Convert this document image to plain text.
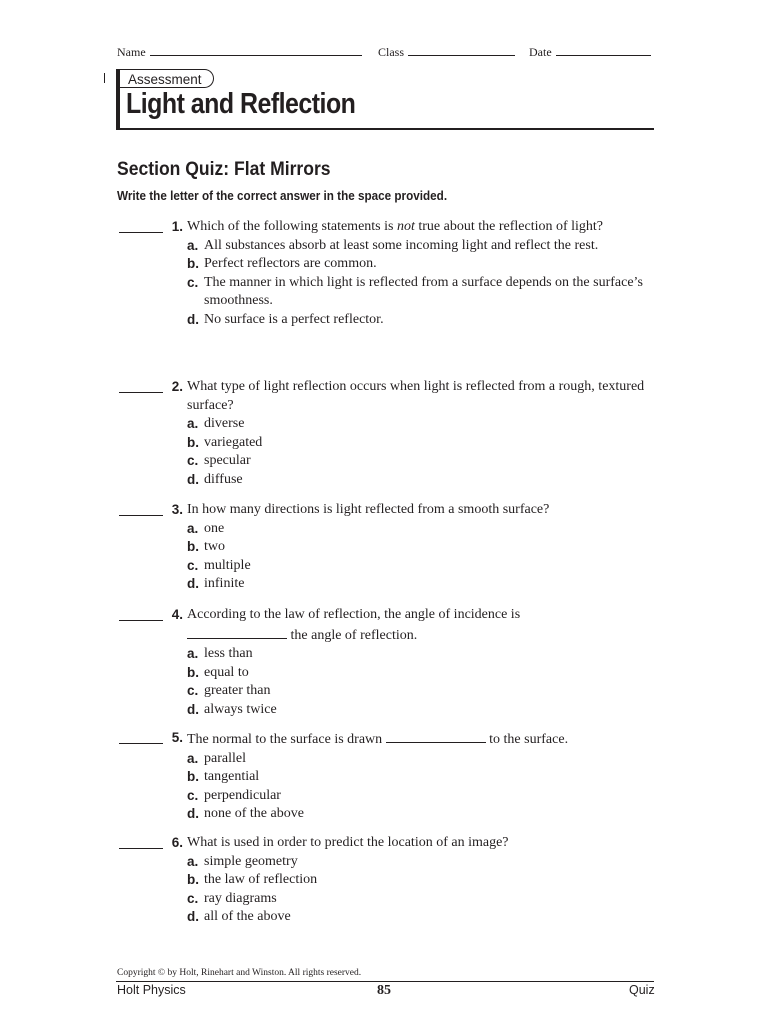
Name	Class	Date
Assessment
Light and Reflection
Section Quiz: Flat Mirrors
Write the letter of the correct answer in the space provided.
1. Which of the following statements is not true about the reflection of light?
a. All substances absorb at least some incoming light and reflect the rest.
b. Perfect reflectors are common.
c. The manner in which light is reflected from a surface depends on the surface’s smoothness.
d. No surface is a perfect reflector.
2. What type of light reflection occurs when light is reflected from a rough, textured surface?
a. diverse
b. variegated
c. specular
d. diffuse
3. In how many directions is light reflected from a smooth surface?
a. one
b. two
c. multiple
d. infinite
4. According to the law of reflection, the angle of incidence is
the angle of reflection.
a. less than
b. equal to
c. greater than
d. always twice
5. The normal to the surface is drawn	to the surface.
a. parallel
b. tangential
c. perpendicular
d. none of the above
6. What is used in order to predict the location of an image?
a. simple geometry
b. the law of reflection
c. ray diagrams
d. all of the above
Copyright © by Holt, Rinehart and Winston. All rights reserved.
Holt Physics	85	Quiz
